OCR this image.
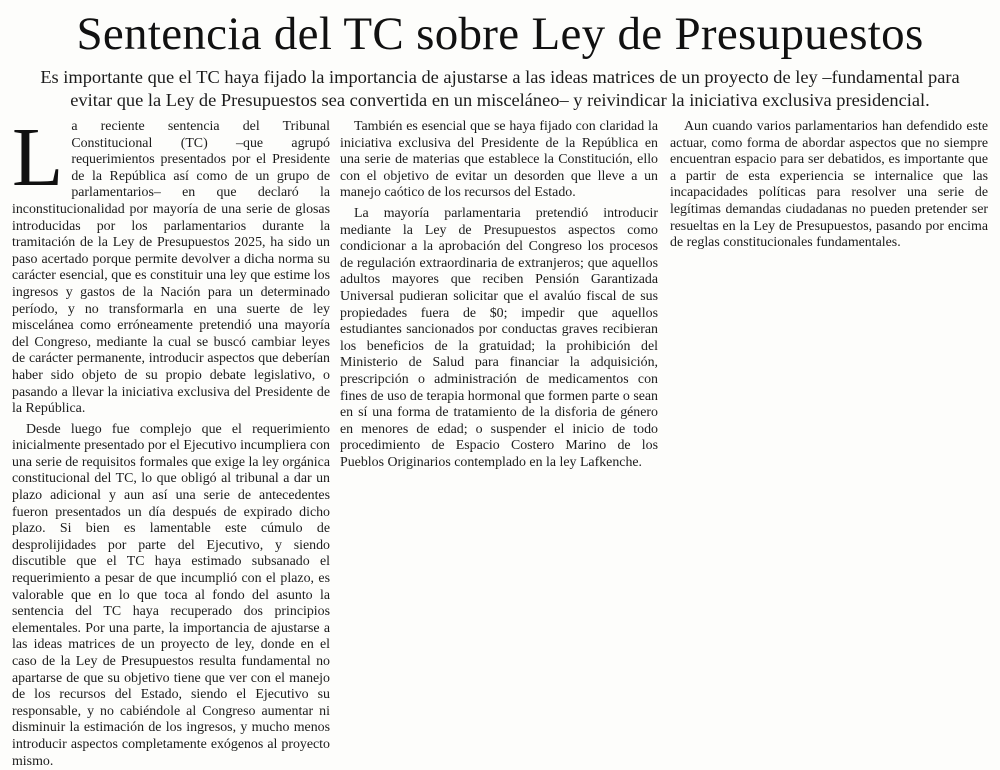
Sentencia del TC sobre Ley de Presupuestos
Es importante que el TC haya fijado la importancia de ajustarse a las ideas matrices de un proyecto de ley –fundamental para evitar que la Ley de Presupuestos sea convertida en un misceláneo– y reivindicar la iniciativa exclusiva presidencial.

La reciente sentencia del Tribunal Constitucional (TC) –que agrupó requerimientos presentados por el Presidente de la República así como de un grupo de parlamentarios– en que declaró la inconstitucionalidad por mayoría de una serie de glosas introducidas por los parlamentarios durante la tramitación de la Ley de Presupuestos 2025, ha sido un paso acertado porque permite devolver a dicha norma su carácter esencial, que es constituir una ley que estime los ingresos y gastos de la Nación para un determinado período, y no transformarla en una suerte de ley misceláneа como erróneamente pretendió una mayoría del Congreso, mediante la cual se buscó cambiar leyes de carácter permanente, introducir aspectos que deberían haber sido objeto de su propio debate legislativo, o pasando a llevar la iniciativa exclusiva del Presidente de la República.

Desde luego fue complejo que el requerimiento inicialmente presentado por el Ejecutivo incumpliera con una serie de requisitos formales que exige la ley orgánica constitucional del TC, lo que obligó al tribunal a dar un plazo adicional y aun así una serie de antecedentes fueron presentados un día después de expirado dicho plazo. Si bien es lamentable este cúmulo de desprolijidades por parte del Ejecutivo, y siendo discutible que el TC haya estimado subsanado el requerimiento a pesar de que incumplió con el plazo, es valorable que en lo que toca al fondo del asunto la sentencia del TC haya recuperado dos principios elementales. Por una parte, la importancia de ajustarse a las ideas matrices de un proyecto de ley, donde en el caso de la Ley de Presupuestos resulta fundamental no apartarse de que su objetivo tiene que ver con el manejo de los recursos del Estado, siendo el Ejecutivo su responsable, y no cabiéndole al Congreso aumentar ni disminuir la estimación de los ingresos, y mucho menos introducir aspectos completamente exógenos al proyecto mismo.

También es esencial que se haya fijado con claridad la iniciativa exclusiva del Presidente de la República en una serie de materias que establece la Constitución, ello con el objetivo de evitar un desorden que lleve a un manejo caótico de los recursos del Estado.

La mayoría parlamentaria pretendió introducir mediante la Ley de Presupuestos aspectos como condicionar a la aprobación del Congreso los procesos de regulación extraordinaria de extranjeros; que aquellos adultos mayores que reciben Pensión Garantizada Universal pudieran solicitar que el avalúo fiscal de sus propiedades fuera de $0; impedir que aquellos estudiantes sancionados por conductas graves recibieran los beneficios de la gratuidad; la prohibición del Ministerio de Salud para financiar la adquisición, prescripción o administración de medicamentos con fines de uso de terapia hormonal que formen parte o sean en sí una forma de tratamiento de la disforia de género en menores de edad; o suspender el inicio de todo procedimiento de Espacio Costero Marino de los Pueblos Originarios contemplado en la ley Lafkenche.

Aun cuando varios parlamentarios han defendido este actuar, como forma de abordar aspectos que no siempre encuentran espacio para ser debatidos, es importante que a partir de esta experiencia se internalice que las incapacidades políticas para resolver una serie de legítimas demandas ciudadanas no pueden pretender ser resueltas en la Ley de Presupuestos, pasando por encima de reglas constitucionales fundamentales.
